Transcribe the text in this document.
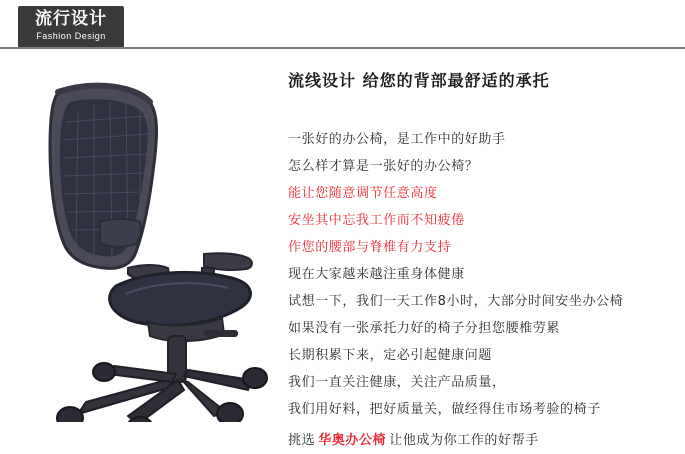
流行设计
Fashion Design
流线设计 给您的背部最舒适的承托
一张好的办公椅，是工作中的好助手
怎么样才算是一张好的办公椅？
能让您随意调节任意高度
安坐其中忘我工作而不知疲倦
作您的腰部与脊椎有力支持
现在大家越来越注重身体健康
试想一下，我们一天工作8小时，大部分时间安坐办公椅
如果没有一张承托力好的椅子分担您腰椎劳累
长期积累下来，定必引起健康问题
我们一直关注健康，关注产品质量，
我们用好料，把好质量关，做经得住市场考验的椅子
挑选 华奥办公椅 让他成为你工作的好帮手
